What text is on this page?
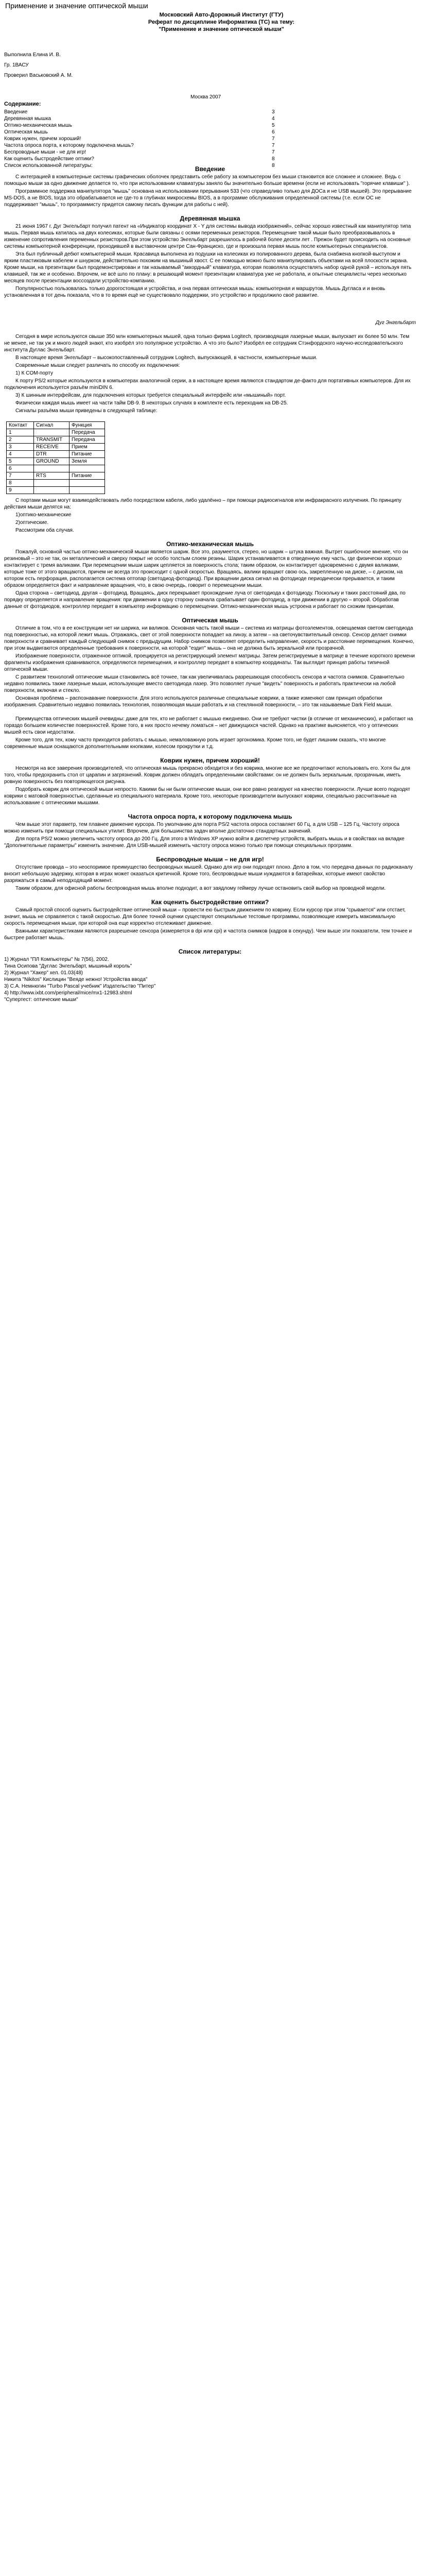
Применение и значение оптической мыши
Московский Авто-Дорожный Институт (ГТУ)
Реферат по дисциплине Информатика (ТС) на тему:
"Применение и значение оптической мыши"
Выполнила Елина И. В.
Гр. 1ВАСУ
Проверил Васьковский А. М.
Москва 2007
Содержание:
Введение	3
Деревянная мышка	4
Оптико-механическая мышь	5
Оптическая мышь	6
Коврик нужен, причем хороший!	7
Частота опроса порта, к которому подключена мышь?	7
Беспроводные мыши - не для игр!	7
Как оценить быстродействие оптики?	8
Список использованной литературы:	8
Введение

С интеграцией в компьютерные системы графических оболочек представить себе работу за компьютером без мыши становится все сложнее и сложнее. Ведь с помощью мыши за одно движение делается то, что при использовании клавиатуры заняло бы значительно больше времени (если не использовать "горячие клавиши" ).

Программное поддержка манипулятора "мышь" основана на использовании прерывания 533 (что справедливо только для ДОСа и не USB мышей). Это прерывание MS-DOS, а не BIOS, tогда это обрабатывается не где-то в глубинах микросхемы BIOS, а в программе обслуживания определенной системы (т.е. если ОС не поддерживает "мышь", то программисту придется самому писать функции для работы с ней).

Деревянная мышка

21 июня 1967 г. Дуг Энгельбарт получил патент на «Индикатор координат X - Y для системы вывода изображений», сейчас хорошо известный как манипулятор типа мышь. Первая мышь катилась на двух колесиках, которые были связаны с осями переменных резисторов. Перемещение такой мыши было преобразовывалось в изменение сопротивления переменных резисторов.При этом устройство Энгельбарт разрешилось в рабочей более десяти лет . Прежон будет происходить на основные системы компьютерной конференции, проходившей в выставочном центре Сан-Франциско, где и произошла первая мышь после компьютерных специалистов.

Эта был публичный дебют компьютерной мыши. Красавица выполнена из подушки на колесиках из полированного дерева, была снабжена кнопкой-выступом и ярким пластиковым кабелем и шнурком, действительно похожим на мышиный хвост. С ее помощью можно было манипулировать объектами на всей плоскости экрана. Кроме мыши, на презентации был продемонстрирован и так называемый "аккордный" клавиатура, которая позволяла осуществлять набор одной рукой – используя пять клавишей, так же и особенно. Впрочем, не всё шло по плану: в решающий момент презентации клавиатура уже не работала, и опытные специалисты через несколько месяцев после презентации воссоздали устройство-компанию.

Популярностью пользовалась только дорогостоящая и устройства, и она первая оптическая мышь: компьютерная и маршрутов. Мышь Дугласа и и вновь установленная в тот день показала, что в то время ещё не существовало поддержки, это устройство и продолжило своё развитие.

Дуг Энгельбарт

Сегодня в мире используются свыше 350 млн компьютерных мышей, одна только фирма Logitech, производящая лазерные мыши, выпускает их более 50 млн. Тем не менее, не так уж и много людей знают, кто изобрёл это популярное устройство. А что это было? Изобрёл ее сотрудник Стэнфордского научно-исследовательского института Дуглас Энгельбарт.

В настоящее время Энгельбарт – высокопоставленный сотрудник Logitech, выпускающей, в частности, компьютерные мыши.

Современные мыши следует различать по способу их подключения:

1) К COM-порту

К порту PS/2 которые используются в компьютерах аналогичной серии, а в настоящее время являются стандартом де-факто для портативных компьютеров. Для их подключения используется разъём miniDIN 6.

3) К шинным интерфейсам, для подключения которых требуется специальный интерфейс или «мышиный» порт.

Физически каждая мышь имеет на части тайм DB-9. В некоторых случаях в комплекте есть переходник на DB-25.

Сигналы разъёма мыши приведены в следующей таблице:

Контакт	Сигнал	Функция
1		Передача
2	TRANSMIT	Передача
3	RECEIVE	Прием
4	DTR	Питание
5	GROUND	Земля
6		
7	RTS	Питание
8		
9		

С портами мыши могут взаимодействовать либо посредством кабеля, либо удалённо – при помощи радиосигналов или инфракрасного излучения. По принципу действия мыши делятся на:

1)оптико-механические

2)оптические.

Рассмотрим оба случая.

Оптико-механическая мышь

Пожалуй, основной частью оптико-механической мыши является шарик. Все это, разумеется, стерео, но шарик – штука важная. Вытрет ошибочное мнение, что он резиновый – это не так, он металлический и сверху покрыт не особо толстым слоем резины. Шарик устанавливается в отведенную ему часть, где физически хорошо контактирует с тремя валиками. При перемещении мыши шарик цепляется за поверхность стола; таким образом, он контактирует одновременно с двумя валиками, которые тоже от этого вращаются, причем не всегда это происходит с одной скоростью. Вращаясь, валики вращают свою ось, закрепленную на диске, – с диском, на котором есть перфорация, располагается система оптопар (светодиод-фотодиод). При вращении диска сигнал на фотодиоде периодически прерывается, и таким образом определяется факт и направление вращения, что, в свою очередь, говорит о перемещении мыши.

Одна сторона – светодиод, другая – фотодиод. Вращаясь, диск перекрывает прохождение луча от светодиода к фотодиоду. Поскольку и таких расстояний два, по порядку определяется и направление вращения: при движении в одну сторону сначала срабатывает один фотодиод, а при движении в другую – второй. Обработав данные от фотодиодов, контроллер передает в компьютер информацию о перемещении. Оптико-механическая мышь устроена и работает по схожим принципам.

Оптическая мышь

Отличие в том, что в ее конструкции нет ни шарика, ни валиков. Основная часть такой мыши – система из матрицы фотоэлементов, освещаемая светом светодиода под поверхностью, на которой лежит мышь. Отражаясь, свет от этой поверхности попадает на линзу, а затем – на светочувствительный сенсор. Сенсор делает снимки поверхности и сравнивает каждый следующий снимок с предыдущим. Набор снимков позволяет определить направление, скорость и расстояние перемещения. Конечно, при этом выдвигаются определенные требования к поверхности, на которой "ездит" мышь – она не должна быть зеркальной или прозрачной.

Изображение поверхности, отраженное оптикой, проецируется на регистрирующий элемент матрицы. Затем регистрируемые в матрице в течение короткого времени фрагменты изображения сравниваются, определяются перемещения, и контроллер передает в компьютер координаты. Так выглядит принцип работы типичной оптической мыши.

С развитием технологий оптические мыши становились всё точнее, так как увеличивалась разрешающая способность сенсора и частота снимков. Сравнительно недавно появились также лазерные мыши, использующие вместо светодиода лазер. Это позволяет лучше "видеть" поверхность и работать практически на любой поверхности, включая и стекло.

Основная проблема – распознавание поверхности. Для этого используются различные специальные коврики, а также изменяют сам принцип обработки изображения. Сравнительно недавно появилась технология, позволяющая мыши работать и на стеклянной поверхности, – это так называемые Dark Field мыши.

Преимущества оптических мышей очевидны: даже для тех, кто не работает с мышью ежедневно. Они не требуют чистки (в отличие от механических), и работают на гораздо большем количестве поверхностей. Кроме того, в них просто нечему ломаться – нет движущихся частей. Однако на практике выясняется, что у оптических мышей есть свои недостатки.

Кроме того, для тех, кому часто приходится работать с мышью, немаловажную роль играет эргономика. Кроме того, не будет лишним сказать, что многие современные мыши оснащаются дополнительными кнопками, колесом прокрутки и т.д.

Коврик нужен, причем хороший!

Несмотря на все заверения производителей, что оптическая мышь прекрасно обходится и без коврика, многие все же предпочитают использовать его. Хотя бы для того, чтобы предохранить стол от царапин и загрязнений. Коврик должен обладать определенными свойствами: он не должен быть зеркальным, прозрачным, иметь ровную поверхность без повторяющегося рисунка.

Подобрать коврик для оптической мыши непросто. Какими бы ни были оптические мыши, они все равно реагируют на качество поверхности. Лучше всего подходят коврики с матовой поверхностью, сделанные из специального материала. Кроме того, некоторые производители выпускают коврики, специально рассчитанные на использование с оптическими мышами.

Частота опроса порта, к которому подключена мышь

Чем выше этот параметр, тем плавнее движение курсора. По умолчанию для порта PS/2 частота опроса составляет 60 Гц, а для USB – 125 Гц. Частоту опроса можно изменить при помощи специальных утилит. Впрочем, для большинства задач вполне достаточно стандартных значений.

Для порта PS/2 можно увеличить частоту опроса до 200 Гц. Для этого в Windows XP нужно войти в диспетчер устройств, выбрать мышь и в свойствах на вкладке "Дополнительные параметры" изменить значение. Для USB-мышей изменить частоту опроса можно только при помощи специальных программ.

Беспроводные мыши – не для игр!

Отсутствие провода – это неоспоримое преимущество беспроводных мышей. Однако для игр они подходят плохо. Дело в том, что передача данных по радиоканалу вносит небольшую задержку, которая в играх может оказаться критичной. Кроме того, беспроводные мыши нуждаются в батарейках, которые имеют свойство разряжаться в самый неподходящий момент.

Таким образом, для офисной работы беспроводная мышь вполне подходит, а вот заядлому геймеру лучше остановить свой выбор на проводной модели.

Как оценить быстродействие оптики?

Самый простой способ оценить быстродействие оптической мыши – провести ею быстрым движением по коврику. Если курсор при этом "срывается" или отстает, значит, мышь не справляется с такой скоростью. Для более точной оценки существуют специальные тестовые программы, позволяющие измерить максимальную скорость перемещения мыши, при которой она еще корректно отслеживает движение.

Важными характеристиками являются разрешение сенсора (измеряется в dpi или cpi) и частота снимков (кадров в секунду). Чем выше эти показатели, тем точнее и быстрее работает мышь.

Список литературы:

1) Журнал "ПЛ Компьютеры" № 7(56), 2002.

Тина Осипова "Дуглас Энгельбарт, мышиный король"

2) Журнал "Хакер" хел. 01.03(48)

Никита "Nikitos" Кислицин "Веяде нежно! Устройства ввода"

3) С.А. Немнюгин "Turbo Pascal учебник" Издательство "Питер"

4) http://www.ixbt.com/peripheral/mice/mx1-12983.shtml

"Супертест: оптические мыши"
